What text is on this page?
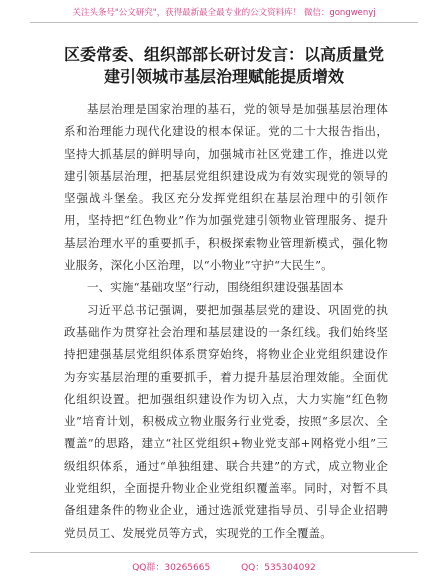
关注头条号"公文研究"，获得最新最全最专业的公文资料库！ 微信：gongwenyj
区委常委、组织部部长研讨发言：以高质量党
建引领城市基层治理赋能提质增效

基层治理是国家治理的基石，党的领导是加强基层治理体系和治理能力现代化建设的根本保证。党的二十大报告指出，坚持大抓基层的鲜明导向，加强城市社区党建工作，推进以党建引领基层治理，把基层党组织建设成为有效实现党的领导的坚强战斗堡垒。我区充分发挥党组织在基层治理中的引领作用，坚持把“红色物业”作为加强党建引领物业管理服务、提升基层治理水平的重要抓手，积极探索物业管理新模式，强化物业服务，深化小区治理，以“小物业”守护“大民生”。

一、实施“基础攻坚”行动，围绕组织建设强基固本

习近平总书记强调，要把加强基层党的建设、巩固党的执政基础作为贯穿社会治理和基层建设的一条红线。我们始终坚持把建强基层党组织体系贯穿始终，将物业企业党组织建设作为夯实基层治理的重要抓手，着力提升基层治理效能。全面优化组织设置。把加强组织建设作为切入点，大力实施“红色物业”培育计划，积极成立物业服务行业党委，按照“多层次、全覆盖”的思路，建立“社区党组织+物业党支部+网格党小组”三级组织体系，通过“单独组建、联合共建”的方式，成立物业企业党组织，全面提升物业企业党组织覆盖率。同时，对暂不具备组建条件的物业企业，通过选派党建指导员、引导企业招聘党员员工、发展党员等方式，实现党的工作全覆盖。

QQ群：30265665	QQ：535304092
